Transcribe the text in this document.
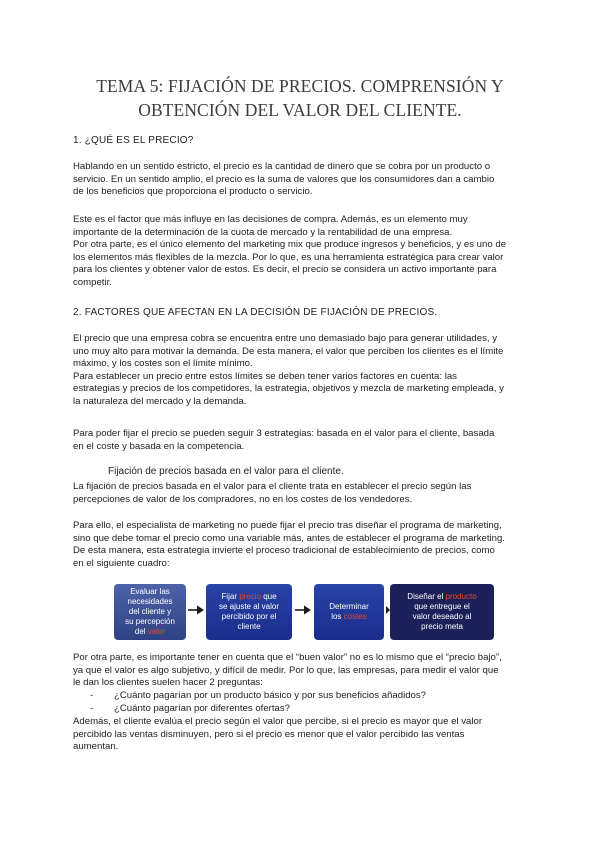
TEMA 5: FIJACIÓN DE PRECIOS. COMPRENSIÓN Y
OBTENCIÓN DEL VALOR DEL CLIENTE.
1. ¿QUÉ ES EL PRECIO?
Hablando en un sentido estricto, el precio es la cantidad de dinero que se cobra por un producto o
servicio. En un sentido amplio, el precio es la suma de valores que los consumidores dan a cambio
de los beneficios que proporciona el producto o servicio.
Este es el factor que más influye en las decisiones de compra. Además, es un elemento muy
importante de la determinación de la cuota de mercado y la rentabilidad de una empresa.
Por otra parte, es el único elemento del marketing mix que produce ingresos y beneficios, y es uno de
los elementos más flexibles de la mezcla. Por lo que, es una herramienta estratégica para crear valor
para los clientes y obtener valor de estos. Es decir, el precio se considera un activo importante para
competir.
2. FACTORES QUE AFECTAN EN LA DECISIÓN DE FIJACIÓN DE PRECIOS.
El precio que una empresa cobra se encuentra entre uno demasiado bajo para generar utilidades, y
uno muy alto para motivar la demanda. De esta manera, el valor que perciben los clientes es el límite
máximo, y los costes son el límite mínimo.
Para establecer un precio entre estos límites se deben tener varios factores en cuenta: las
estrategias y precios de los competidores, la estrategia, objetivos y mezcla de marketing empleada, y
la naturaleza del mercado y la demanda.
Para poder fijar el precio se pueden seguir 3 estrategias: basada en el valor para el cliente, basada
en el coste y basada en la competencia.
Fijación de precios basada en el valor para el cliente.
La fijación de precios basada en el valor para el cliente trata en establecer el precio según las
percepciones de valor de los compradores, no en los costes de los vendedores.
Para ello, el especialista de marketing no puede fijar el precio tras diseñar el programa de marketing,
sino que debe tomar el precio como una variable más, antes de establecer el programa de marketing.
De esta manera, esta estrategia invierte el proceso tradicional de establecimiento de precios, como
en el siguiente cuadro:
Evaluar las
necesidades
del cliente y
su percepción
del valor
Fijar precio que
se ajuste al valor
percibido por el
cliente
Determinar
los costes
Diseñar el producto
que entregue el
valor deseado al
precio meta
Por otra parte, es importante tener en cuenta que el “buen valor” no es lo mismo que el “precio bajo”,
ya que el valor es algo subjetivo, y difícil de medir. Por lo que, las empresas, para medir el valor que
le dan los clientes suelen hacer 2 preguntas:
- ¿Cuánto pagarían por un producto básico y por sus beneficios añadidos?
- ¿Cuánto pagarían por diferentes ofertas?
Además, el cliente evalúa el precio según el valor que percibe, si el precio es mayor que el valor
percibido las ventas disminuyen, pero si el precio es menor que el valor percibido las ventas
aumentan.
